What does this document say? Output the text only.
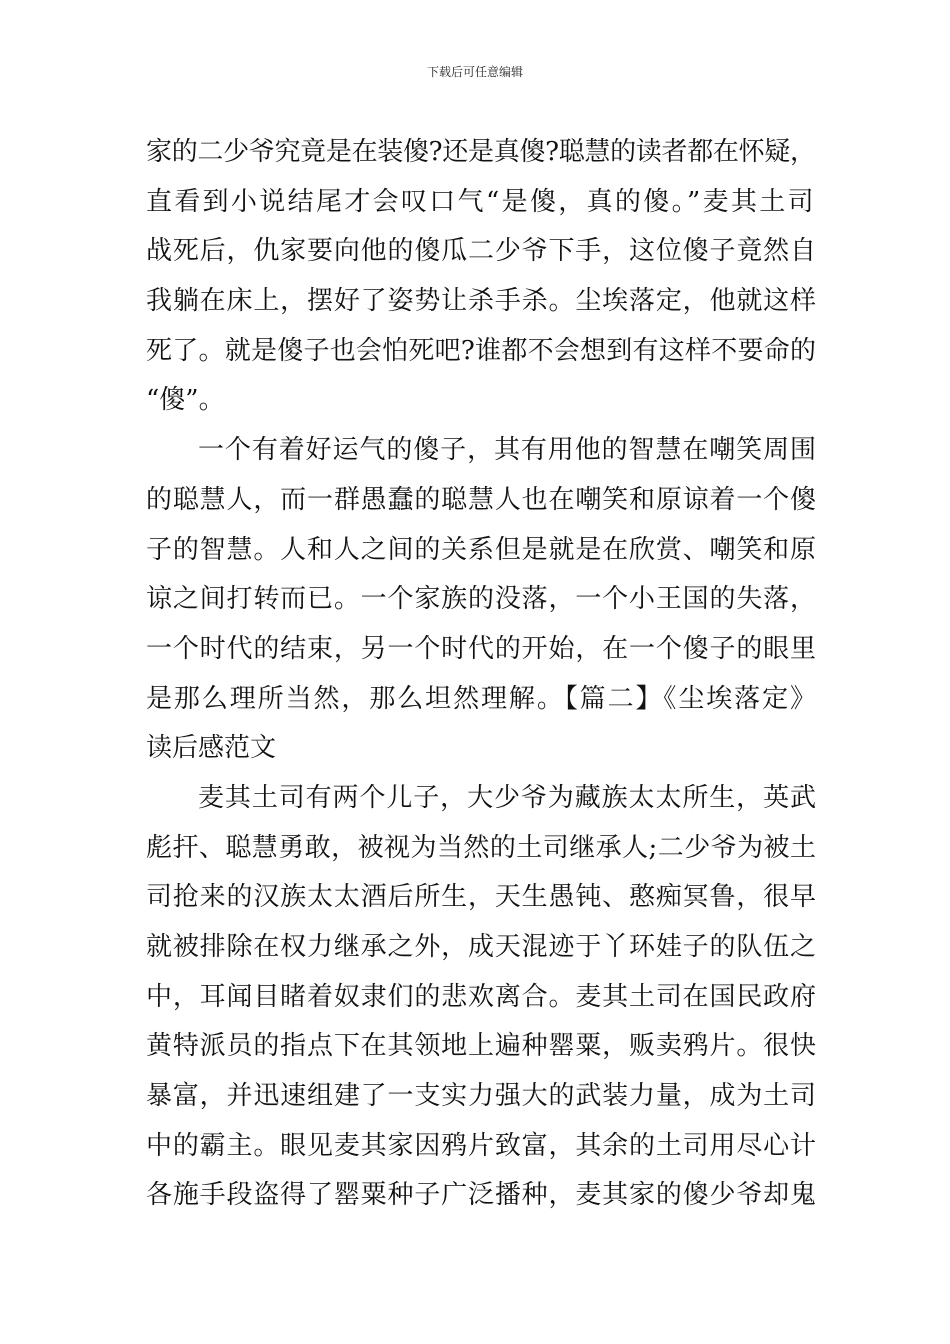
下载后可任意编辑
家的二少爷究竟是在装傻?还是真傻?聪慧的读者都在怀疑，
直看到小说结尾才会叹口气“是傻，真的傻。”麦其土司
战死后，仇家要向他的傻瓜二少爷下手，这位傻子竟然自
我躺在床上，摆好了姿势让杀手杀。尘埃落定，他就这样
死了。就是傻子也会怕死吧?谁都不会想到有这样不要命的
“傻”。
一个有着好运气的傻子，其有用他的智慧在嘲笑周围
的聪慧人，而一群愚蠢的聪慧人也在嘲笑和原谅着一个傻
子的智慧。人和人之间的关系但是就是在欣赏、嘲笑和原
谅之间打转而已。一个家族的没落，一个小王国的失落，
一个时代的结束，另一个时代的开始，在一个傻子的眼里
是那么理所当然，那么坦然理解。【篇二】《尘埃落定》
读后感范文
麦其土司有两个儿子，大少爷为藏族太太所生，英武
彪扞、聪慧勇敢，被视为当然的土司继承人;二少爷为被土
司抢来的汉族太太酒后所生，天生愚钝、憨痴冥鲁，很早
就被排除在权力继承之外，成天混迹于丫环娃子的队伍之
中，耳闻目睹着奴隶们的悲欢离合。麦其土司在国民政府
黄特派员的指点下在其领地上遍种罂粟，贩卖鸦片。很快
暴富，并迅速组建了一支实力强大的武装力量，成为土司
中的霸主。眼见麦其家因鸦片致富，其余的土司用尽心计
各施手段盗得了罂粟种子广泛播种，麦其家的傻少爷却鬼
